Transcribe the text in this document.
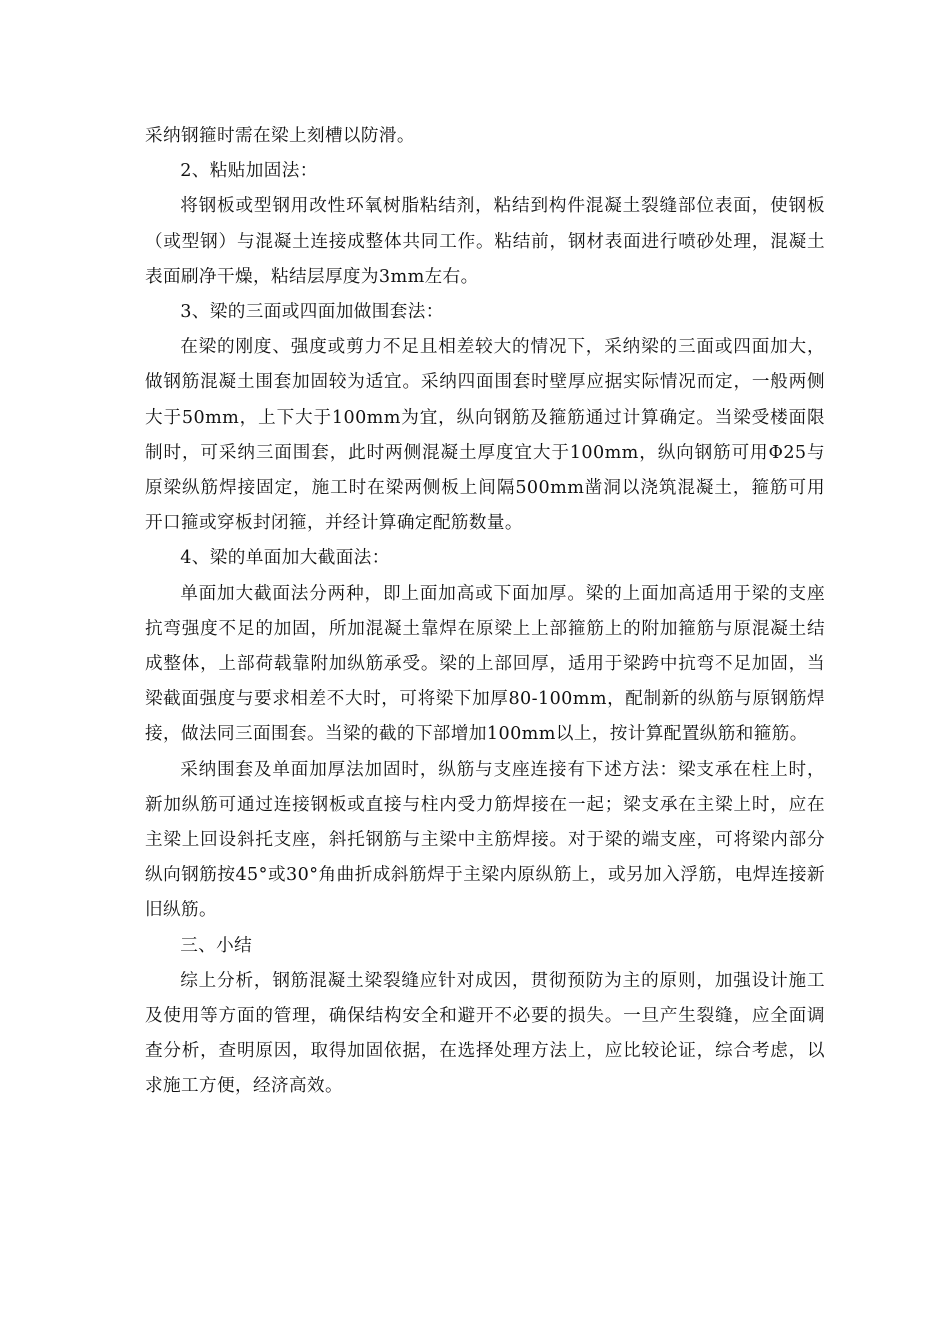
采纳钢箍时需在梁上刻槽以防滑。

2、粘贴加固法：

将钢板或型钢用改性环氧树脂粘结剂，粘结到构件混凝土裂缝部位表面，使钢板（或型钢）与混凝土连接成整体共同工作。粘结前，钢材表面进行喷砂处理，混凝土表面刷净干燥，粘结层厚度为3mm左右。

3、梁的三面或四面加做围套法：

在梁的刚度、强度或剪力不足且相差较大的情况下，采纳梁的三面或四面加大，做钢筋混凝土围套加固较为适宜。采纳四面围套时壁厚应据实际情况而定，一般两侧大于50mm，上下大于100mm为宜，纵向钢筋及箍筋通过计算确定。当梁受楼面限制时，可采纳三面围套，此时两侧混凝土厚度宜大于100mm，纵向钢筋可用Φ25与原梁纵筋焊接固定，施工时在梁两侧板上间隔500mm凿洞以浇筑混凝土，箍筋可用开口箍或穿板封闭箍，并经计算确定配筋数量。

4、梁的单面加大截面法：

单面加大截面法分两种，即上面加高或下面加厚。梁的上面加高适用于梁的支座抗弯强度不足的加固，所加混凝土靠焊在原梁上上部箍筋上的附加箍筋与原混凝土结成整体，上部荷载靠附加纵筋承受。梁的上部回厚，适用于梁跨中抗弯不足加固，当梁截面强度与要求相差不大时，可将梁下加厚80-100mm，配制新的纵筋与原钢筋焊接，做法同三面围套。当梁的截的下部增加100mm以上，按计算配置纵筋和箍筋。

采纳围套及单面加厚法加固时，纵筋与支座连接有下述方法：梁支承在柱上时，新加纵筋可通过连接钢板或直接与柱内受力筋焊接在一起；梁支承在主梁上时，应在主梁上回设斜托支座，斜托钢筋与主梁中主筋焊接。对于梁的端支座，可将梁内部分纵向钢筋按45°或30°角曲折成斜筋焊于主梁内原纵筋上，或另加入浮筋，电焊连接新旧纵筋。

三、小结

综上分析，钢筋混凝土梁裂缝应针对成因，贯彻预防为主的原则，加强设计施工及使用等方面的管理，确保结构安全和避开不必要的损失。一旦产生裂缝，应全面调查分析，查明原因，取得加固依据，在选择处理方法上，应比较论证，综合考虑，以求施工方便，经济高效。
